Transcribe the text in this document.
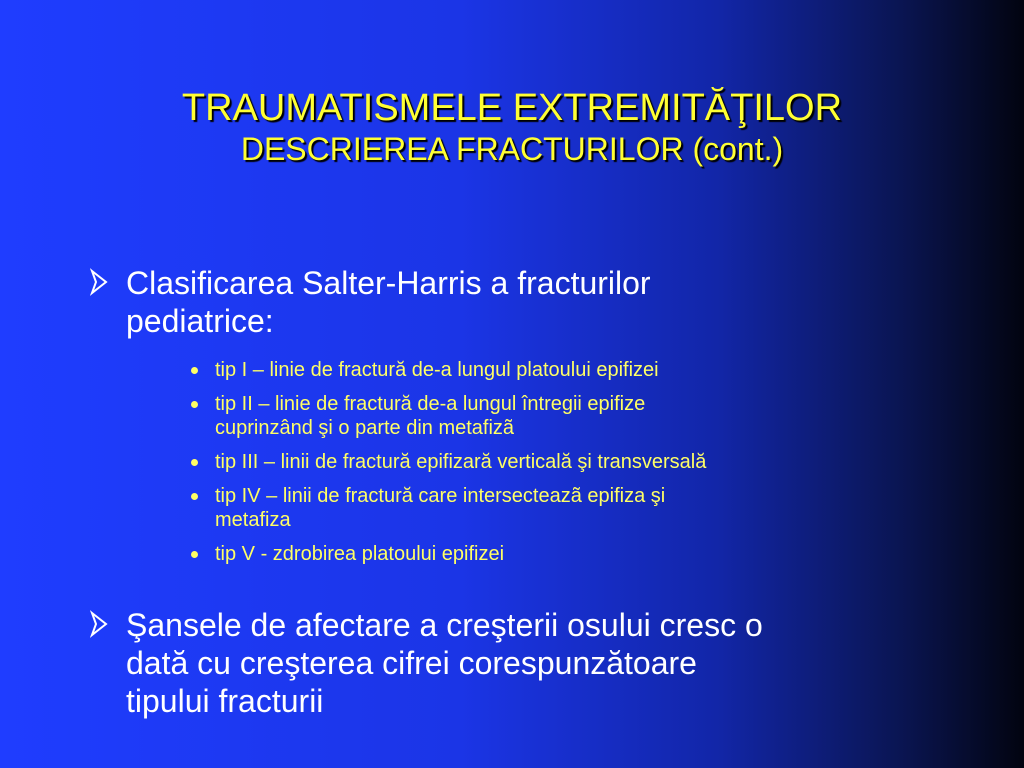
TRAUMATISMELE EXTREMITĂŢILOR
DESCRIEREA FRACTURILOR (cont.)
Clasificarea Salter-Harris a fracturilor
pediatrice:
tip I – linie de fractură de-a lungul platoului epifizei
tip II – linie de fractură de-a lungul întregii epifize
cuprinzând şi o parte din metafizã
tip III – linii de fractură epifizară verticală şi transversală
tip IV – linii de fractură care intersecteazã epifiza şi
metafiza
tip V - zdrobirea platoului epifizei
Şansele de afectare a creşterii osului cresc o
dată cu creşterea cifrei corespunzătoare
tipului fracturii
